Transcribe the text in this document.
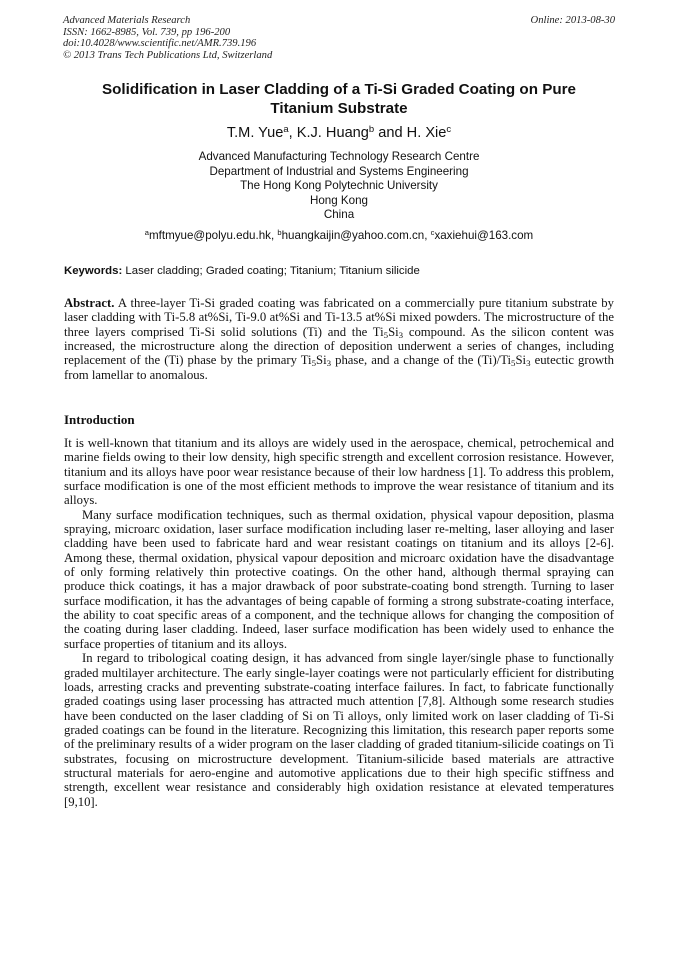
Advanced Materials Research
ISSN: 1662-8985, Vol. 739, pp 196-200
doi:10.4028/www.scientific.net/AMR.739.196
© 2013 Trans Tech Publications Ltd, Switzerland
Online: 2013-08-30
Solidification in Laser Cladding of a Ti-Si Graded Coating on Pure
Titanium Substrate
T.M. Yue$^a$, K.J. Huang$^b$ and H. Xie$^c$
Advanced Manufacturing Technology Research Centre
Department of Industrial and Systems Engineering
The Hong Kong Polytechnic University
Hong Kong
China
$^a$mftmyue@polyu.edu.hk, $^b$huangkaijin@yahoo.com.cn, $^c$xaxiehui@163.com
Keywords: Laser cladding; Graded coating; Titanium; Titanium silicide
Abstract. A three-layer Ti-Si graded coating was fabricated on a commercially pure titanium substrate by laser cladding with Ti-5.8 at%Si, Ti-9.0 at%Si and Ti-13.5 at%Si mixed powders. The microstructure of the three layers comprised Ti-Si solid solutions (Ti) and the $Ti_5Si_3$ compound. As the silicon content was increased, the microstructure along the direction of deposition underwent a series of changes, including replacement of the (Ti) phase by the primary $Ti_5Si_3$ phase, and a change of the $(Ti)/Ti_5Si_3$ eutectic growth from lamellar to anomalous.
Introduction

It is well-known that titanium and its alloys are widely used in the aerospace, chemical, petrochemical and marine fields owing to their low density, high specific strength and excellent corrosion resistance. However, titanium and its alloys have poor wear resistance because of their low hardness [1]. To address this problem, surface modification is one of the most efficient methods to improve the wear resistance of titanium and its alloys.

Many surface modification techniques, such as thermal oxidation, physical vapour deposition, plasma spraying, microarc oxidation, laser surface modification including laser re-melting, laser alloying and laser cladding have been used to fabricate hard and wear resistant coatings on titanium and its alloys [2-6]. Among these, thermal oxidation, physical vapour deposition and microarc oxidation have the disadvantage of only forming relatively thin protective coatings. On the other hand, although thermal spraying can produce thick coatings, it has a major drawback of poor substrate-coating bond strength. Turning to laser surface modification, it has the advantages of being capable of forming a strong substrate-coating interface, the ability to coat specific areas of a component, and the technique allows for changing the composition of the coating during laser cladding. Indeed, laser surface modification has been widely used to enhance the surface properties of titanium and its alloys.

In regard to tribological coating design, it has advanced from single layer/single phase to functionally graded multilayer architecture. The early single-layer coatings were not particularly efficient for distributing loads, arresting cracks and preventing substrate-coating interface failures. In fact, to fabricate functionally graded coatings using laser processing has attracted much attention [7,8]. Although some research studies have been conducted on the laser cladding of Si on Ti alloys, only limited work on laser cladding of Ti-Si graded coatings can be found in the literature. Recognizing this limitation, this research paper reports some of the preliminary results of a wider program on the laser cladding of graded titanium-silicide coatings on Ti substrates, focusing on microstructure development. Titanium-silicide based materials are attractive structural materials for aero-engine and automotive applications due to their high specific stiffness and strength, excellent wear resistance and considerably high oxidation resistance at elevated temperatures [9,10].
